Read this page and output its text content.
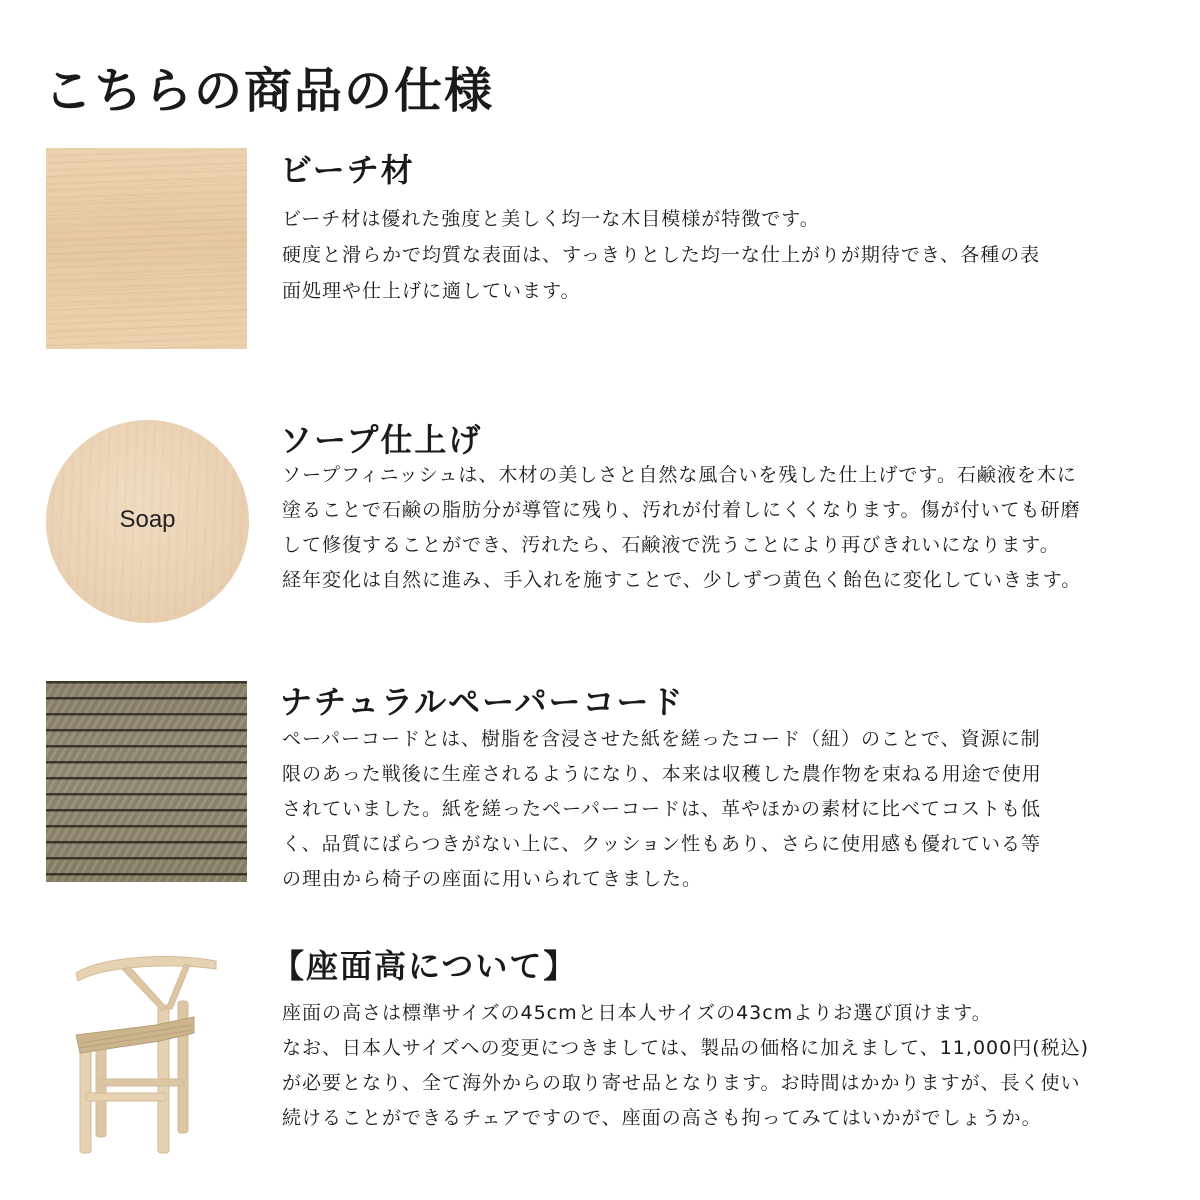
こちらの商品の仕様
ビーチ材

ビーチ材は優れた強度と美しく均一な木目模様が特徴です。

硬度と滑らかで均質な表面は、すっきりとした均一な仕上がりが期待でき、各種の表

面処理や仕上げに適しています。

Soap
ソープ仕上げ

ソープフィニッシュは、木材の美しさと自然な風合いを残した仕上げです。石鹸液を木に

塗ることで石鹸の脂肪分が導管に残り、汚れが付着しにくくなります。傷が付いても研磨

して修復することができ、汚れたら、石鹸液で洗うことにより再びきれいになります。

経年変化は自然に進み、手入れを施すことで、少しずつ黄色く飴色に変化していきます。

ナチュラルペーパーコード

ペーパーコードとは、樹脂を含浸させた紙を縒ったコード（紐）のことで、資源に制

限のあった戦後に生産されるようになり、本来は収穫した農作物を束ねる用途で使用

されていました。紙を縒ったペーパーコードは、革やほかの素材に比べてコストも低

く、品質にばらつきがない上に、クッション性もあり、さらに使用感も優れている等

の理由から椅子の座面に用いられてきました。

【座面高について】

座面の高さは標準サイズの45cmと日本人サイズの43cmよりお選び頂けます。

なお、日本人サイズへの変更につきましては、製品の価格に加えまして、11,000円(税込)

が必要となり、全て海外からの取り寄せ品となります。お時間はかかりますが、長く使い

続けることができるチェアですので、座面の高さも拘ってみてはいかがでしょうか。
